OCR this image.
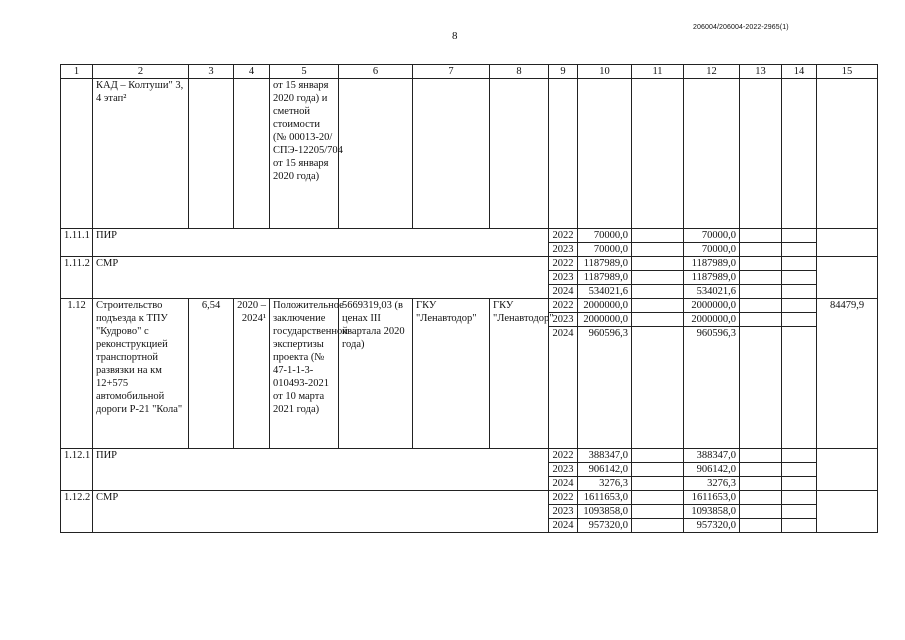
8
206004/206004-2022-2965(1)
1	2	3	4	5	6	7	8	9	10	11	12	13	14	15
	КАД – Колтуши" 3, 4 этап²			от 15 января 2020 года) и сметной стоимости (№ 00013-20/СПЭ-12205/704 от 15 января 2020 года)										
1.11.1	ПИР							2022	70000,0		70000,0			
								2023	70000,0		70000,0			
1.11.2	СМР							2022	1187989,0		1187989,0			
								2023	1187989,0		1187989,0			
								2024	534021,6		534021,6			
1.12	Строительство подъезда к ТПУ "Кудрово" с реконструкцией транспортной развязки на км 12+575 автомобильной дороги Р-21 "Кола"	6,54	2020 – 2024¹	Положительное заключение государственной экспертизы проекта (№ 47-1-1-3-010493-2021 от 10 марта 2021 года)	5669319,03 (в ценах III квартала 2020 года)	ГКУ "Ленавтодор"	ГКУ "Ленавтодор"	2022	2000000,0		2000000,0			84479,9
								2023	2000000,0		2000000,0			
								2024	960596,3		960596,3			
1.12.1	ПИР							2022	388347,0		388347,0			
								2023	906142,0		906142,0			
								2024	3276,3		3276,3			
1.12.2	СМР							2022	1611653,0		1611653,0			
								2023	1093858,0		1093858,0			
								2024	957320,0		957320,0			
